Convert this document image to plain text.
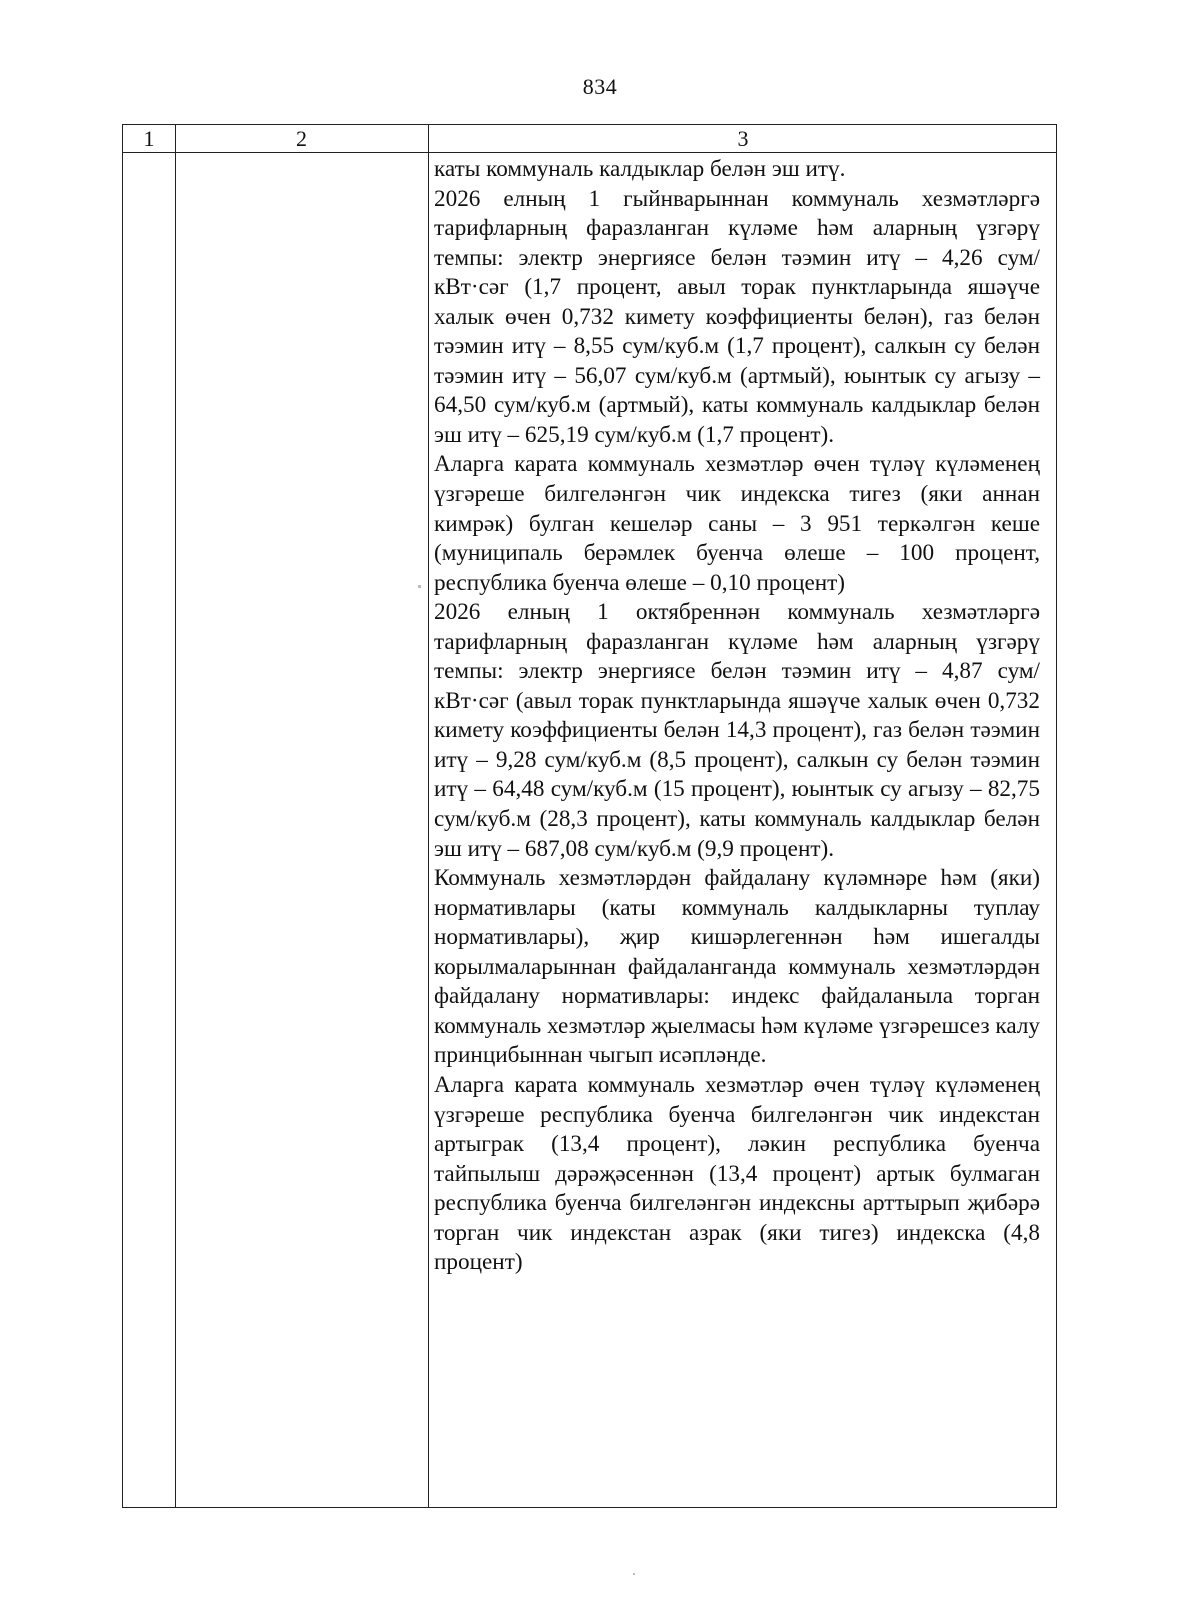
834
1	2	3

каты коммуналь калдыклар белән эш итү.

2026 елның 1 гыйнварыннан коммуналь хезмәтләргә тарифларның фаразланган күләме һәм аларның үзгәрү темпы: электр энергиясе белән тәэмин итү – 4,26 сум/кВт·сәг (1,7 процент, авыл торак пунктларында яшәүче халык өчен 0,732 кимету коэффициенты белән), газ белән тәэмин итү – 8,55 сум/куб.м (1,7 процент), салкын су белән тәэмин итү – 56,07 сум/куб.м (артмый), юынтык су агызу – 64,50 сум/куб.м (артмый), каты коммуналь калдыклар белән эш итү – 625,19 сум/куб.м (1,7 процент).

Аларга карата коммуналь хезмәтләр өчен түләү күләменең үзгәреше билгеләнгән чик индекска тигез (яки аннан кимрәк) булган кешеләр саны – 3 951 теркәлгән кеше (муниципаль берәмлек буенча өлеше – 100 процент, республика буенча өлеше – 0,10 процент)

2026 елның 1 октябреннән коммуналь хезмәтләргә тарифларның фаразланган күләме һәм аларның үзгәрү темпы: электр энергиясе белән тәэмин итү – 4,87 сум/кВт·сәг (авыл торак пунктларында яшәүче халык өчен 0,732 кимету коэффициенты белән 14,3 процент), газ белән тәэмин итү – 9,28 сум/куб.м (8,5 процент), салкын су белән тәэмин итү – 64,48 сум/куб.м (15 процент), юынтык су агызу – 82,75 сум/куб.м (28,3 процент), каты коммуналь калдыклар белән эш итү – 687,08 сум/куб.м (9,9 процент).

Коммуналь хезмәтләрдән файдалану күләмнәре һәм (яки) нормативлары (каты коммуналь калдыкларны туплау нормативлары), җир кишәрлегеннән һәм ишегалды корылмаларыннан файдаланганда коммуналь хезмәтләрдән файдалану нормативлары: индекс файдаланыла торган коммуналь хезмәтләр җыелмасы һәм күләме үзгәрешсез калу принцибыннан чыгып исәпләнде.

Аларга карата коммуналь хезмәтләр өчен түләү күләменең үзгәреше республика буенча билгеләнгән чик индекстан артыграк (13,4 процент), ләкин республика буенча тайпылыш дәрәҗәсеннән (13,4 процент) артык булмаган республика буенча билгеләнгән индексны арттырып җибәрә торган чик индекстан азрак (яки тигез) индекска (4,8 процент)
